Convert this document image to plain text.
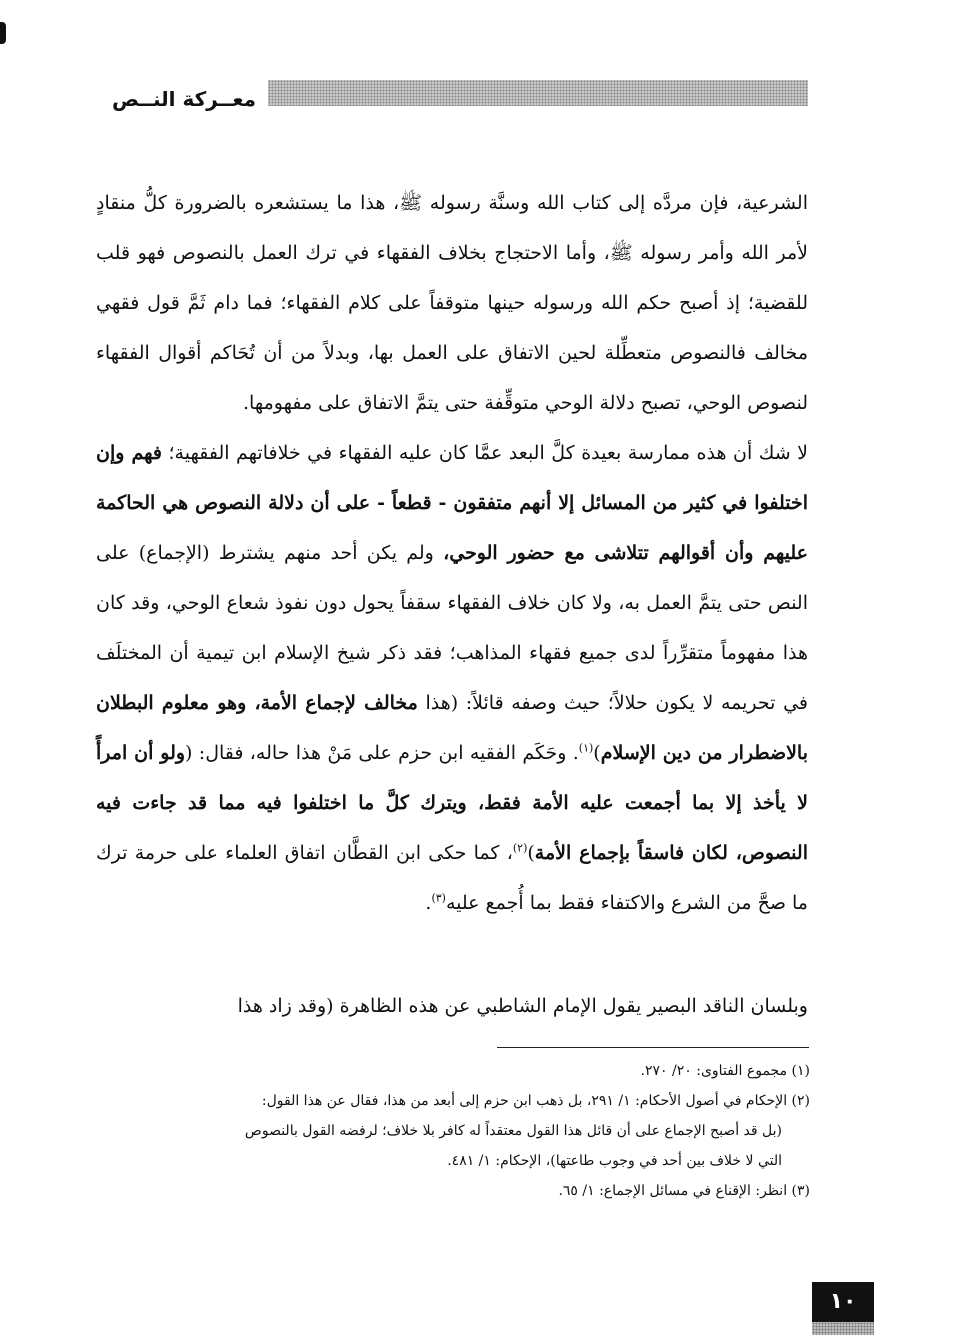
معــركة النــص

الشرعية، فإن مردَّه إلى كتاب الله وسنَّة رسوله ﷺ، هذا ما يستشعره بالضرورة كلُّ منقادٍ لأمر الله وأمر رسوله ﷺ، وأما الاحتجاج بخلاف الفقهاء في ترك العمل بالنصوص فهو قلب للقضية؛ إذ أصبح حكم الله ورسوله حينها متوقفاً على كلام الفقهاء؛ فما دام ثَمَّ قول فقهي مخالف فالنصوص متعطِّلة لحين الاتفاق على العمل بها، وبدلاً من أن تُحَاكم أقوال الفقهاء لنصوص الوحي، تصبح دلالة الوحي متوقِّفة حتى يتمَّ الاتفاق على مفهومها.

لا شك أن هذه ممارسة بعيدة كلَّ البعد عمَّا كان عليه الفقهاء في خلافاتهم الفقهية؛ فهم وإن اختلفوا في كثير من المسائل إلا أنهم متفقون - قطعاً - على أن دلالة النصوص هي الحاكمة عليهم وأن أقوالهم تتلاشى مع حضور الوحي، ولم يكن أحد منهم يشترط (الإجماع) على النص حتى يتمَّ العمل به، ولا كان خلاف الفقهاء سقفاً يحول دون نفوذ شعاع الوحي، وقد كان هذا مفهوماً متقرِّراً لدى جميع فقهاء المذاهب؛ فقد ذكر شيخ الإسلام ابن تيمية أن المختلَف في تحريمه لا يكون حلالاً؛ حيث وصفه قائلاً: (هذا مخالف لإجماع الأمة، وهو معلوم البطلان بالاضطرار من دين الإسلام)$^{(١)}$. وحَكَم الفقيه ابن حزم على مَنْ هذا حاله، فقال: (ولو أن امرأً لا يأخذ إلا بما أجمعت عليه الأمة فقط، ويترك كلَّ ما اختلفوا فيه مما قد جاءت فيه النصوص، لكان فاسقاً بإجماع الأمة)$^{(٢)}$، كما حكى ابن القطَّان اتفاق العلماء على حرمة ترك ما صحَّ من الشرع والاكتفاء فقط بما أُجمع عليه$^{(٣)}$.

وبلسان الناقد البصير يقول الإمام الشاطبي عن هذه الظاهرة (وقد زاد هذا

(١) مجموع الفتاوى: ٢٠/ ٢٧٠.

(٢) الإحكام في أصول الأحكام: ١/ ٢٩١، بل ذهب ابن حزم إلى أبعد من هذا، فقال عن هذا القول:

(بل قد أصبح الإجماع على أن قائل هذا القول معتقداً له كافر بلا خلاف؛ لرفضه القول بالنصوص

التي لا خلاف بين أحد في وجوب طاعتها)، الإحكام: ١/ ٤٨١.

(٣) انظر: الإقناع في مسائل الإجماع: ١/ ٦٥.

١٠
